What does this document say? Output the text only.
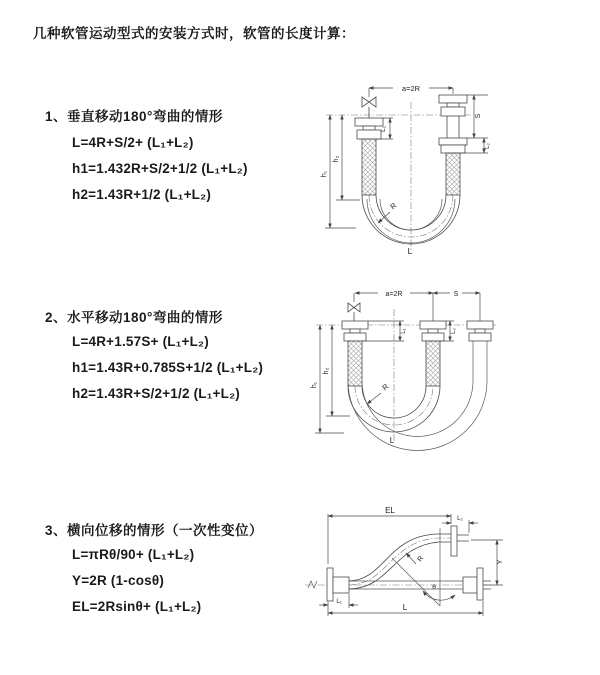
几种软管运动型式的安装方式时，软管的长度计算：
1、垂直移动180°弯曲的情形
L=4R+S/2+ (L₁+L₂)
h1=1.432R+S/2+1/2 (L₁+L₂)
h2=1.43R+1/2 (L₁+L₂)
2、水平移动180°弯曲的情形
L=4R+1.57S+ (L₁+L₂)
h1=1.43R+0.785S+1/2 (L₁+L₂)
h2=1.43R+S/2+1/2 (L₁+L₂)
3、横向位移的情形（一次性变位）
L=πRθ/90+ (L₁+L₂)
Y=2R (1-cosθ)
EL=2Rsinθ+ (L₁+L₂)
a=2R
L₁
S
L₂
h₁
h₂
R
L
a=2R	S
L₁	L₂
h₁
h₂
R
L
EL
L₂
Y
R
θ
L
L₁
